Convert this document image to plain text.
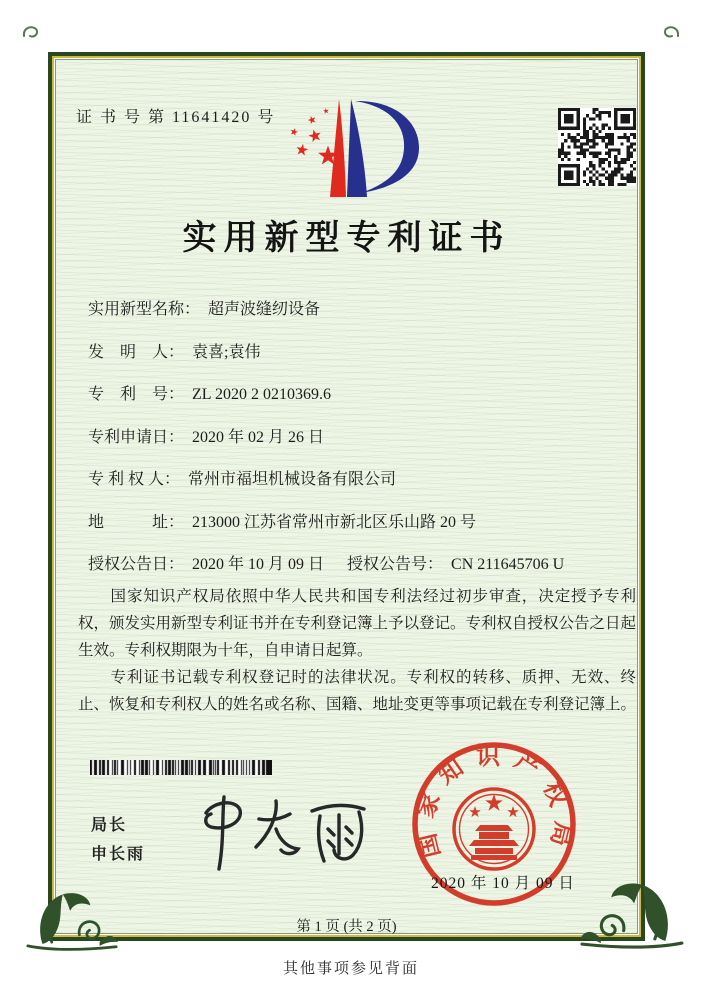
证 书 号 第 11641420 号
实用新型专利证书
实用新型名称： 超声波缝纫设备
发　明　人： 袁喜;袁伟
专　利　号： ZL 2020 2 0210369.6
专利申请日： 2020 年 02 月 26 日
专 利 权 人： 常州市福坦机械设备有限公司
地　　　址： 213000 江苏省常州市新北区乐山路 20 号
授权公告日： 2020 年 10 月 09 日 授权公告号： CN 211645706 U

国家知识产权局依照中华人民共和国专利法经过初步审查，决定授予专利权，颁发实用新型专利证书并在专利登记簿上予以登记。专利权自授权公告之日起生效。专利权期限为十年，自申请日起算。

专利证书记载专利权登记时的法律状况。专利权的转移、质押、无效、终止、恢复和专利权人的姓名或名称、国籍、地址变更等事项记载在专利登记簿上。

局长
申长雨	国家知识产权局
2020 年 10 月 09 日
第 1 页 (共 2 页)
其他事项参见背面
